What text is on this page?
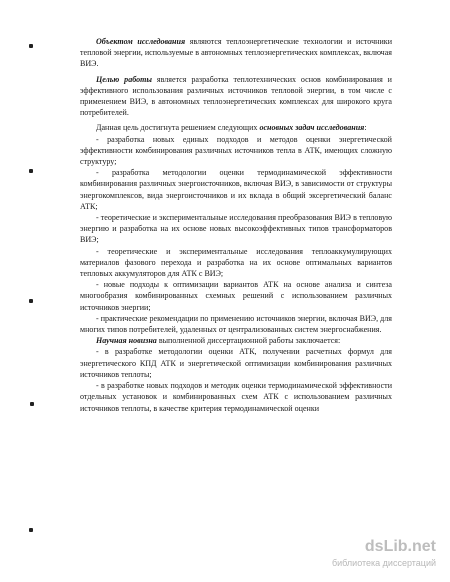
Объектом исследования являются теплоэнергетические технологии и источники тепловой энергии, используемые в автономных теплоэнергетических комплексах, включая ВИЭ.

Целью работы является разработка теплотехнических основ комбинирования и эффективного использования различных источников тепловой энергии, в том числе с применением ВИЭ, в автономных теплоэнергетических комплексах для широкого круга потребителей.

Данная цель достигнута решением следующих основных задач исследования:

- разработка новых единых подходов и методов оценки энергетической эффективности комбинирования различных источников тепла в АТК, имеющих сложную структуру;

- разработка методологии оценки термодинамической эффективности комбинирования различных энергоисточников, включая ВИЭ, в зависимости от структуры энергокомплексов, вида энергоисточников и их вклада в общий эксергетический баланс АТК;

- теоретические и экспериментальные исследования преобразования ВИЭ в тепловую энергию и разработка на их основе новых высокоэффективных типов трансформаторов ВИЭ;

- теоретические и экспериментальные исследования теплоаккумулирующих материалов фазового перехода и разработка на их основе оптимальных вариантов тепловых аккумуляторов для АТК с ВИЭ;

- новые подходы к оптимизации вариантов АТК на основе анализа и синтеза многообразия комбинированных схемных решений с использованием различных источников энергии;

- практические рекомендации по применению источников энергии, включая ВИЭ, для многих типов потребителей, удаленных от централизованных систем энергоснабжения.

Научная новизна выполненной диссертационной работы заключается:

- в разработке методологии оценки АТК, получении расчетных формул для энергетического КПД АТК и энергетической оптимизации комбинирования различных источников теплоты;

- в разработке новых подходов и методик оценки термодинамической эффективности отдельных установок и комбинированных схем АТК с использованием различных источников теплоты, в качестве критерия термодинамической оценки

dsLib.net
библиотека диссертаций
